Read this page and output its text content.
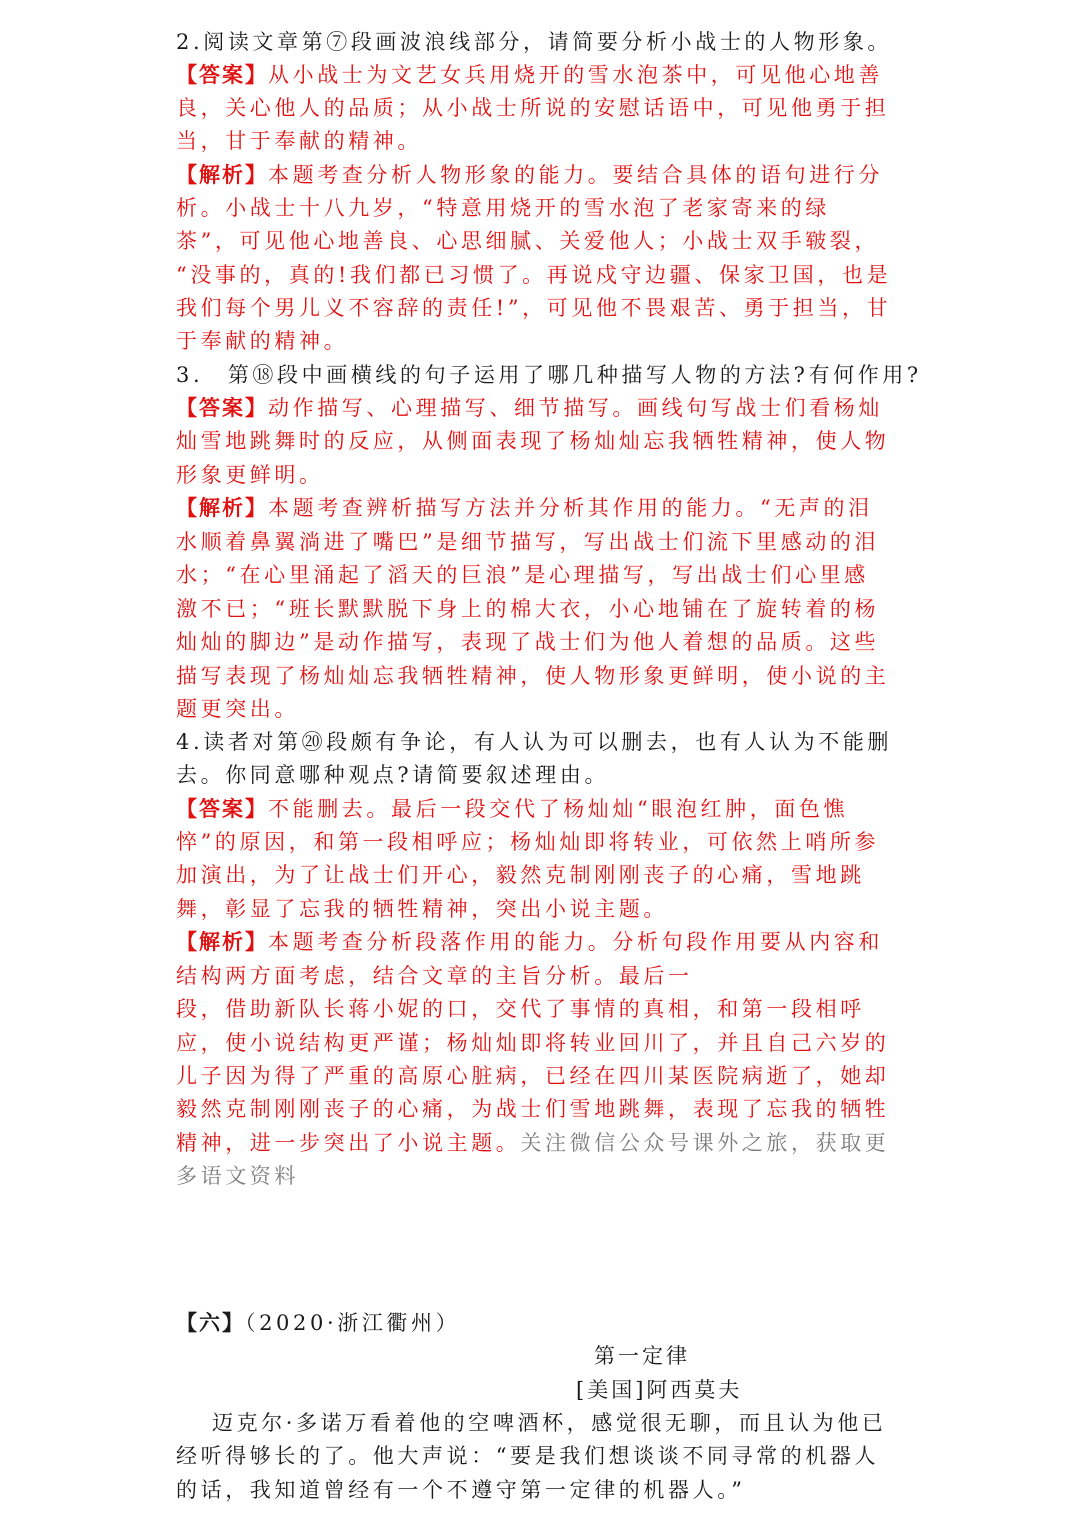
2.阅读文章第⑦段画波浪线部分，请简要分析小战士的人物形象。
【答案】从小战士为文艺女兵用烧开的雪水泡茶中，可见他心地善
良，关心他人的品质；从小战士所说的安慰话语中，可见他勇于担
当，甘于奉献的精神。
【解析】本题考查分析人物形象的能力。要结合具体的语句进行分
析。小战士十八九岁，“特意用烧开的雪水泡了老家寄来的绿
茶”，可见他心地善良、心思细腻、关爱他人；小战士双手皲裂，
“没事的，真的!我们都已习惯了。再说戍守边疆、保家卫国，也是
我们每个男儿义不容辞的责任!”，可见他不畏艰苦、勇于担当，甘
于奉献的精神。
3.　第⑱段中画横线的句子运用了哪几种描写人物的方法?有何作用?
【答案】动作描写、心理描写、细节描写。画线句写战士们看杨灿
灿雪地跳舞时的反应，从侧面表现了杨灿灿忘我牺牲精神，使人物
形象更鲜明。
【解析】本题考查辨析描写方法并分析其作用的能力。“无声的泪
水顺着鼻翼淌进了嘴巴”是细节描写，写出战士们流下里感动的泪
水；“在心里涌起了滔天的巨浪”是心理描写，写出战士们心里感
激不已；“班长默默脱下身上的棉大衣，小心地铺在了旋转着的杨
灿灿的脚边”是动作描写，表现了战士们为他人着想的品质。这些
描写表现了杨灿灿忘我牺牲精神，使人物形象更鲜明，使小说的主
题更突出。
4.读者对第⑳段颇有争论，有人认为可以删去，也有人认为不能删
去。你同意哪种观点?请简要叙述理由。
【答案】不能删去。最后一段交代了杨灿灿“眼泡红肿，面色憔
悴”的原因，和第一段相呼应；杨灿灿即将转业，可依然上哨所参
加演出，为了让战士们开心，毅然克制刚刚丧子的心痛，雪地跳
舞，彰显了忘我的牺牲精神，突出小说主题。
【解析】本题考查分析段落作用的能力。分析句段作用要从内容和
结构两方面考虑，结合文章的主旨分析。最后一
段，借助新队长蒋小妮的口，交代了事情的真相，和第一段相呼
应，使小说结构更严谨；杨灿灿即将转业回川了，并且自己六岁的
儿子因为得了严重的高原心脏病，已经在四川某医院病逝了，她却
毅然克制刚刚丧子的心痛，为战士们雪地跳舞，表现了忘我的牺牲
精神，进一步突出了小说主题。关注微信公众号课外之旅，获取更
多语文资料
【六】（2020·浙江衢州）
第一定律
[美国]阿西莫夫
迈克尔·多诺万看着他的空啤酒杯，感觉很无聊，而且认为他已
经听得够长的了。他大声说：“要是我们想谈谈不同寻常的机器人
的话，我知道曾经有一个不遵守第一定律的机器人。”
